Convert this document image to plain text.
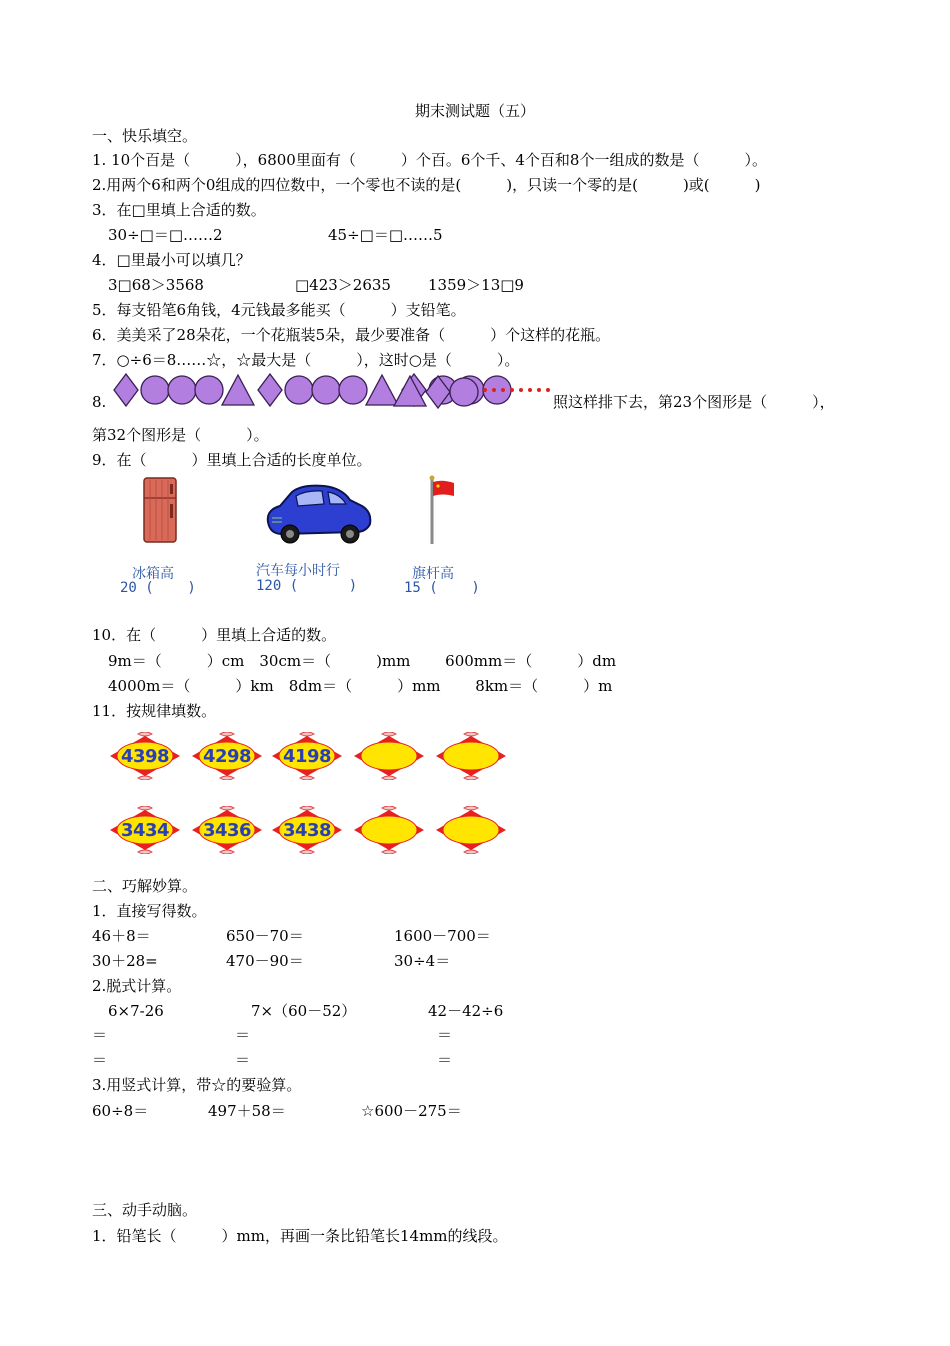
期末测试题（五）
一、快乐填空。
1. 10个百是（　　　），6800里面有（　　　）个百。6个千、4个百和8个一组成的数是（　　　）。
2.用两个6和两个0组成的四位数中，一个零也不读的是(　　　)，只读一个零的是(　　　)或(　　　)
3．在□里填上合适的数。
30÷□＝□……2	45÷□＝□……5
4．□里最小可以填几？
3□68＞3568	□423＞2635 1359＞13□9
5．每支铅笔6角钱，4元钱最多能买（　　　）支铅笔。
6．美美采了28朵花，一个花瓶装5朵，最少要准备（　　　）个这样的花瓶。
7．○÷6＝8……☆，☆最大是（　　　），这时○是（　　　）。
8.	照这样排下去，第23个图形是（　　　），
第32个图形是（　　　）。
9．在（　　　）里填上合适的长度单位。
冰箱高
20 (    )
汽车每小时行
120 (      )
旗杆高
15 (    )
10．在（　　　）里填上合适的数。
9m＝（　　　）cm　30cm＝（　　　)mm　　 600mm＝（　　　）dm
4000m＝（　　　）km　8dm＝（　　　）mm　　 8km＝（　　　）m
11．按规律填数。
4398	4298	4198
3434	3436	3438
二、巧解妙算。
1．直接写得数。
46＋8＝	650－70＝	1600－700＝
30＋28=	470－90＝	30÷4＝
2.脱式计算。
6×7-26	7×（60－52）	42－42÷6
＝	＝	＝
＝	＝	＝
3.用竖式计算，带☆的要验算。
60÷8＝	497＋58＝	☆600－275＝
三、动手动脑。
1．铅笔长（　　　）mm，再画一条比铅笔长14mm的线段。
